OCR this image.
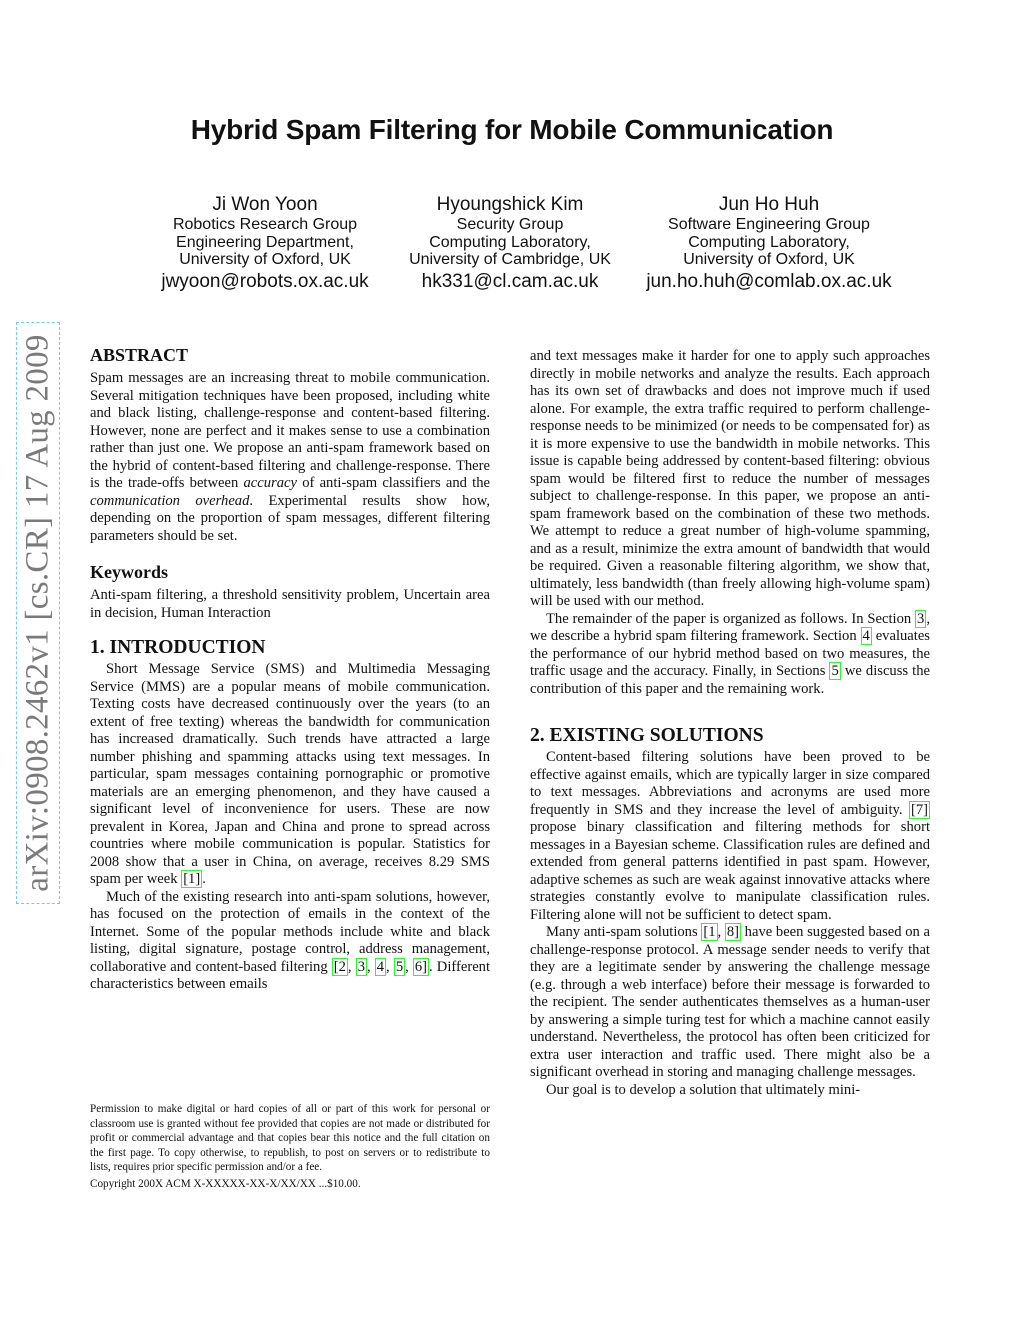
Hybrid Spam Filtering for Mobile Communication
Ji Won Yoon
Robotics Research Group
Engineering Department,
University of Oxford, UK
jwyoon@robots.ox.ac.uk
Hyoungshick Kim
Security Group
Computing Laboratory,
University of Cambridge, UK
hk331@cl.cam.ac.uk
Jun Ho Huh
Software Engineering Group
Computing Laboratory,
University of Oxford, UK
jun.ho.huh@comlab.ox.ac.uk
arXiv:0908.2462v1 [cs.CR] 17 Aug 2009 ABSTRACT

Spam messages are an increasing threat to mobile communication. Several mitigation techniques have been proposed, including white and black listing, challenge-response and content-based filtering. However, none are perfect and it makes sense to use a combination rather than just one. We propose an anti-spam framework based on the hybrid of content-based filtering and challenge-response. There is the trade-offs between accuracy of anti-spam classifiers and the communication overhead. Experimental results show how, depending on the proportion of spam messages, different filtering parameters should be set.

Keywords

Anti-spam filtering, a threshold sensitivity problem, Uncertain area in decision, Human Interaction

1. INTRODUCTION

Short Message Service (SMS) and Multimedia Messaging Service (MMS) are a popular means of mobile communication. Texting costs have decreased continuously over the years (to an extent of free texting) whereas the bandwidth for communication has increased dramatically. Such trends have attracted a large number phishing and spamming attacks using text messages. In particular, spam messages containing pornographic or promotive materials are an emerging phenomenon, and they have caused a significant level of inconvenience for users. These are now prevalent in Korea, Japan and China and prone to spread across countries where mobile communication is popular. Statistics for 2008 show that a user in China, on average, receives 8.29 SMS spam per week [1] .

Much of the existing research into anti-spam solutions, however, has focused on the protection of emails in the context of the Internet. Some of the popular methods include white and black listing, digital signature, postage control, address management, collaborative and content-based filtering [2 , 3 , 4 , 5 , 6] . Different characteristics between emails

Permission to make digital or hard copies of all or part of this work for personal or classroom use is granted without fee provided that copies are not made or distributed for profit or commercial advantage and that copies bear this notice and the full citation on the first page. To copy otherwise, to republish, to post on servers or to redistribute to lists, requires prior specific permission and/or a fee.

Copyright 200X ACM X-XXXXX-XX-X/XX/XX ...$10.00.

and text messages make it harder for one to apply such approaches directly in mobile networks and analyze the results. Each approach has its own set of drawbacks and does not improve much if used alone. For example, the extra traffic required to perform challenge-response needs to be minimized (or needs to be compensated for) as it is more expensive to use the bandwidth in mobile networks. This issue is capable being addressed by content-based filtering: obvious spam would be filtered first to reduce the number of messages subject to challenge-response. In this paper, we propose an anti-spam framework based on the combination of these two methods. We attempt to reduce a great number of high-volume spamming, and as a result, minimize the extra amount of bandwidth that would be required. Given a reasonable filtering algorithm, we show that, ultimately, less bandwidth (than freely allowing high-volume spam) will be used with our method.

The remainder of the paper is organized as follows. In Section 3 , we describe a hybrid spam filtering framework. Section 4 evaluates the performance of our hybrid method based on two measures, the traffic usage and the accuracy. Finally, in Sections 5 we discuss the contribution of this paper and the remaining work.

2. EXISTING SOLUTIONS

Content-based filtering solutions have been proved to be effective against emails, which are typically larger in size compared to text messages. Abbreviations and acronyms are used more frequently in SMS and they increase the level of ambiguity. [7] propose binary classification and filtering methods for short messages in a Bayesian scheme. Classification rules are defined and extended from general patterns identified in past spam. However, adaptive schemes as such are weak against innovative attacks where strategies constantly evolve to manipulate classification rules. Filtering alone will not be sufficient to detect spam.

Many anti-spam solutions [1 , 8] have been suggested based on a challenge-response protocol. A message sender needs to verify that they are a legitimate sender by answering the challenge message (e.g. through a web interface) before their message is forwarded to the recipient. The sender authenticates themselves as a human-user by answering a simple turing test for which a machine cannot easily understand. Nevertheless, the protocol has often been criticized for extra user interaction and traffic used. There might also be a significant overhead in storing and managing challenge messages.

Our goal is to develop a solution that ultimately mini-
